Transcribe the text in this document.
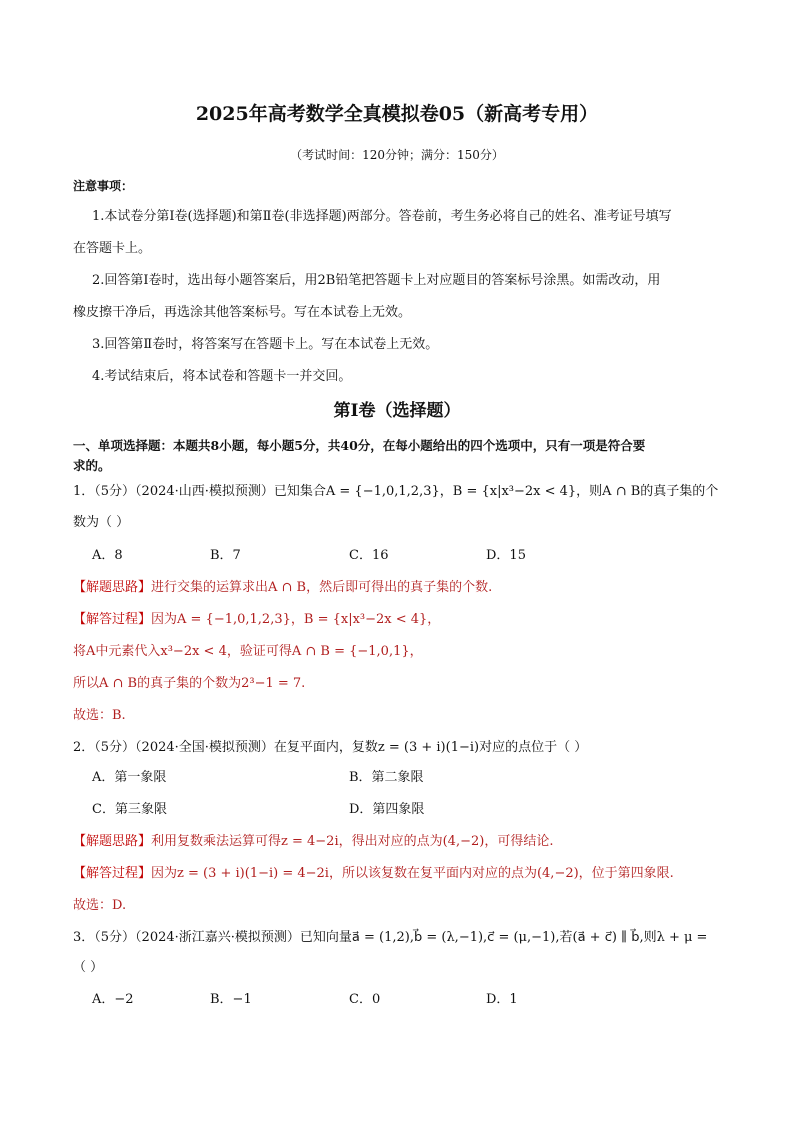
2025年高考数学全真模拟卷05（新高考专用）
（考试时间：120分钟；满分：150分）
注意事项：
1.本试卷分第Ⅰ卷(选择题)和第Ⅱ卷(非选择题)两部分。答卷前，考生务必将自己的姓名、准考证号填写
在答题卡上。
2.回答第Ⅰ卷时，选出每小题答案后，用2B铅笔把答题卡上对应题目的答案标号涂黑。如需改动，用
橡皮擦干净后，再选涂其他答案标号。写在本试卷上无效。
3.回答第Ⅱ卷时，将答案写在答题卡上。写在本试卷上无效。
4.考试结束后，将本试卷和答题卡一并交回。
第Ⅰ卷（选择题）
一、单项选择题：本题共8小题，每小题5分，共40分，在每小题给出的四个选项中，只有一项是符合要
求的。
1．（5分）（2024·山西·模拟预测）已知集合A = {−1,0,1,2,3}，B = {x|x³−2x < 4}，则A ∩ B的真子集的个
数为（ ）
A．8	B．7	C．16	D．15
【解题思路】进行交集的运算求出A ∩ B，然后即可得出的真子集的个数.
【解答过程】因为A = {−1,0,1,2,3}，B = {x|x³−2x < 4}，
将A中元素代入x³−2x < 4，验证可得A ∩ B = {−1,0,1}，
所以A ∩ B的真子集的个数为2³−1 = 7.
故选：B.
2．（5分）（2024·全国·模拟预测）在复平面内，复数z = (3 + i)(1−i)对应的点位于（ ）
A．第一象限	B．第二象限
C．第三象限	D．第四象限
【解题思路】利用复数乘法运算可得z = 4−2i，得出对应的点为(4,−2)，可得结论.
【解答过程】因为z = (3 + i)(1−i) = 4−2i，所以该复数在复平面内对应的点为(4,−2)，位于第四象限.
故选：D.
3．（5分）（2024·浙江嘉兴·模拟预测）已知向量a⃗ = (1,2),b⃗ = (λ,−1),c⃗ = (μ,−1),若(a⃗ + c⃗) ∥ b⃗,则λ + μ =
（ ）
A．−2	B．−1	C．0	D．1
